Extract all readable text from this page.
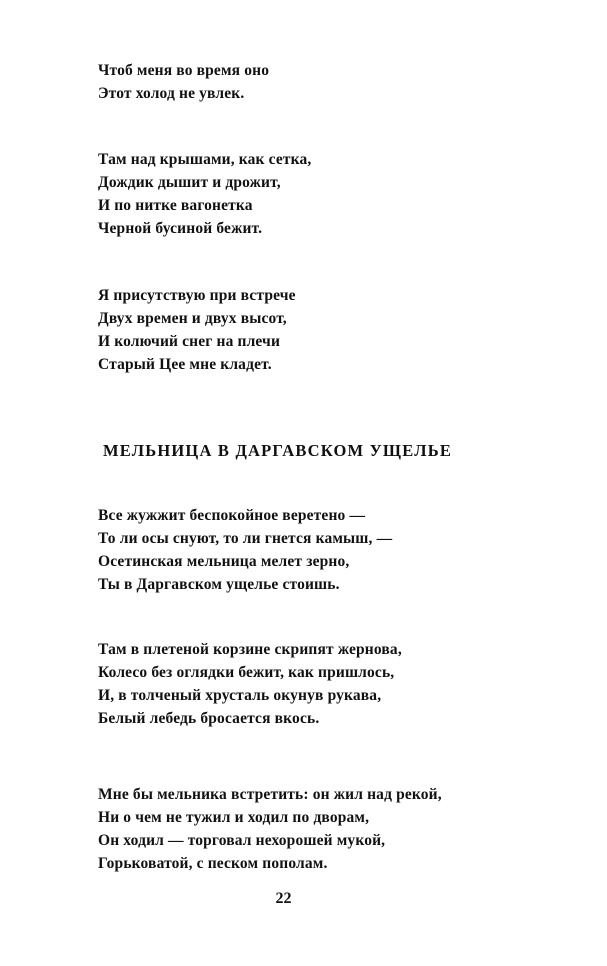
Чтоб меня во время оно
Этот холод не увлек.
Там над крышами, как сетка,
Дождик дышит и дрожит,
И по нитке вагонетка
Черной бусиной бежит.
Я присутствую при встрече
Двух времен и двух высот,
И колючий снег на плечи
Старый Цее мне кладет.
МЕЛЬНИЦА В ДАРГАВСКОМ УЩЕЛЬЕ
Все жужжит беспокойное веретено —
То ли осы снуют, то ли гнется камыш, —
Осетинская мельница мелет зерно,
Ты в Даргавском ущелье стоишь.
Там в плетеной корзине скрипят жернова,
Колесо без оглядки бежит, как пришлось,
И, в толченый хрусталь окунув рукава,
Белый лебедь бросается вкось.
Мне бы мельника встретить: он жил над рекой,
Ни о чем не тужил и ходил по дворам,
Он ходил — торговал нехорошей мукой,
Горьковатой, с песком пополам.
22
